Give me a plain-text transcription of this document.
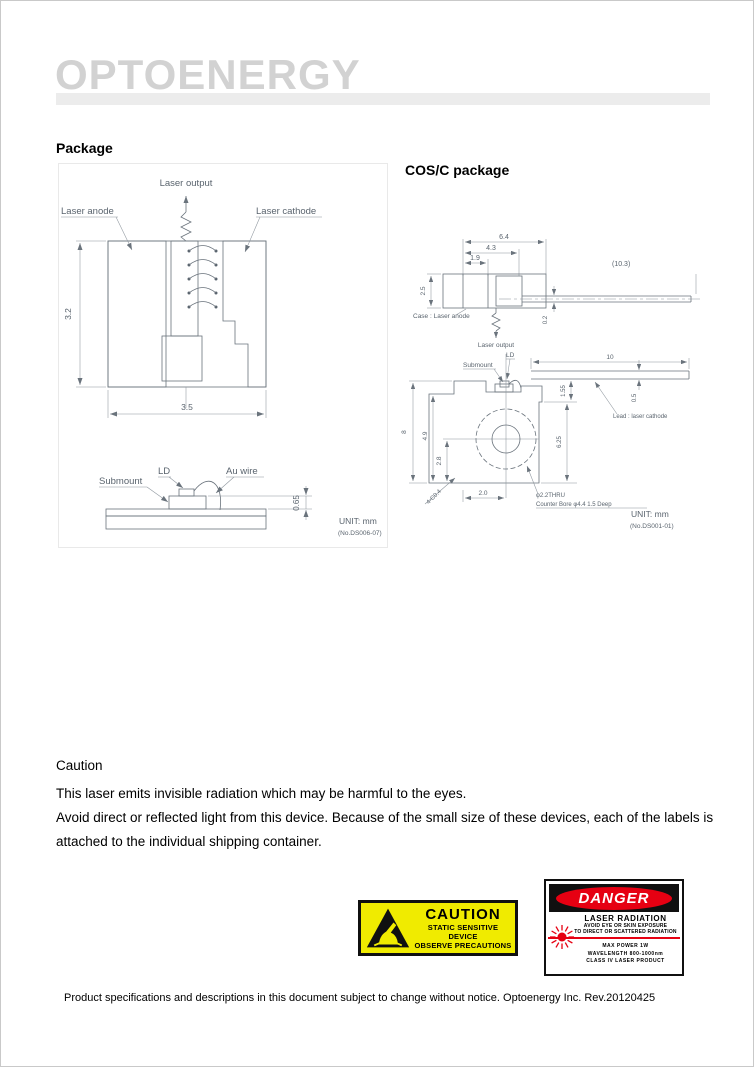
OPTOENERGY
Package
COS/C package
Laser output
Laser anode	Laser cathode
3.2
3.5
Submount
LD	Au wire
0.65
UNIT: mm
(No.DS006-07)
6.4
4.3
1.9
(10.3)
2.5
0.2
Case : Laser anode
Laser output
Submount
LD	10
0.5
1.55
6.25
8 4.9
2.8
2.0
4-C0.4	φ2.2THRU
Counter Bore φ4.4 1.5 Deep
Lead : laser cathode
UNIT: mm
(No.DS001-01)
Caution

This laser emits invisible radiation which may be harmful to the eyes.

Avoid direct or reflected light from this device. Because of the small size of these devices, each of the labels is attached to the individual shipping container.

CAUTION
STATIC SENSITIVE DEVICE
OBSERVE PRECAUTIONS
DANGER
LASER RADIATION
AVOID EYE OR SKIN EXPOSURE
TO DIRECT OR SCATTERED RADIATION
MAX POWER 1W
WAVELENGTH 800-1000nm
CLASS IV LASER PRODUCT
Product specifications and descriptions in this document subject to change without notice. Optoenergy Inc. Rev.20120425
